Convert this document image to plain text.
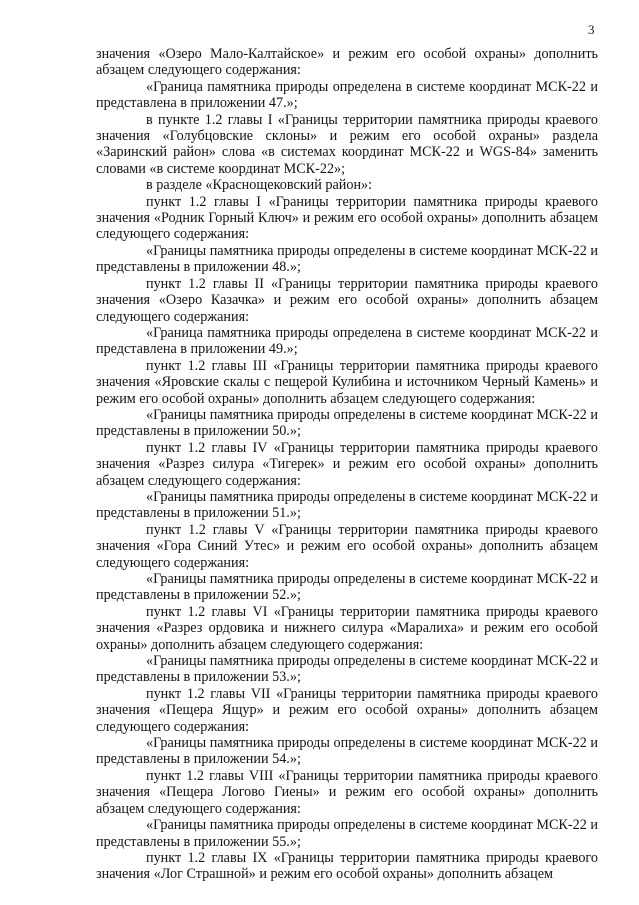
3

значения «Озеро Мало-Калтайское» и режим его особой охраны» дополнить абзацем следующего содержания:

«Граница памятника природы определена в системе координат МСК-22 и представлена в приложении 47.»;

в пункте 1.2 главы I «Границы территории памятника природы краевого значения «Голубцовские склоны» и режим его особой охраны» раздела «Заринский район» слова «в системах координат МСК-22 и WGS-84» заменить словами «в системе координат МСК-22»;

в разделе «Краснощековский район»:

пункт 1.2 главы I «Границы территории памятника природы краевого значения «Родник Горный Ключ» и режим его особой охраны» дополнить абзацем следующего содержания:

«Границы памятника природы определены в системе координат МСК-22 и представлены в приложении 48.»;

пункт 1.2 главы II «Границы территории памятника природы краевого значения «Озеро Казачка» и режим его особой охраны» дополнить абзацем следующего содержания:

«Граница памятника природы определена в системе координат МСК-22 и представлена в приложении 49.»;

пункт 1.2 главы III «Границы территории памятника природы краевого значения «Яровские скалы с пещерой Кулибина и источником Черный Камень» и режим его особой охраны» дополнить абзацем следующего содержания:

«Границы памятника природы определены в системе координат МСК-22 и представлены в приложении 50.»;

пункт 1.2 главы IV «Границы территории памятника природы краевого значения «Разрез силура «Тигерек» и режим его особой охраны» дополнить абзацем следующего содержания:

«Границы памятника природы определены в системе координат МСК-22 и представлены в приложении 51.»;

пункт 1.2 главы V «Границы территории памятника природы краевого значения «Гора Синий Утес» и режим его особой охраны» дополнить абзацем следующего содержания:

«Границы памятника природы определены в системе координат МСК-22 и представлены в приложении 52.»;

пункт 1.2 главы VI «Границы территории памятника природы краевого значения «Разрез ордовика и нижнего силура «Маралиха» и режим его особой охраны» дополнить абзацем следующего содержания:

«Границы памятника природы определены в системе координат МСК-22 и представлены в приложении 53.»;

пункт 1.2 главы VII «Границы территории памятника природы краевого значения «Пещера Ящур» и режим его особой охраны» дополнить абзацем следующего содержания:

«Границы памятника природы определены в системе координат МСК-22 и представлены в приложении 54.»;

пункт 1.2 главы VIII «Границы территории памятника природы краевого значения «Пещера Логово Гиены» и режим его особой охраны» дополнить абзацем следующего содержания:

«Границы памятника природы определены в системе координат МСК-22 и представлены в приложении 55.»;

пункт 1.2 главы IX «Границы территории памятника природы краевого значения «Лог Страшной» и режим его особой охраны» дополнить абзацем
